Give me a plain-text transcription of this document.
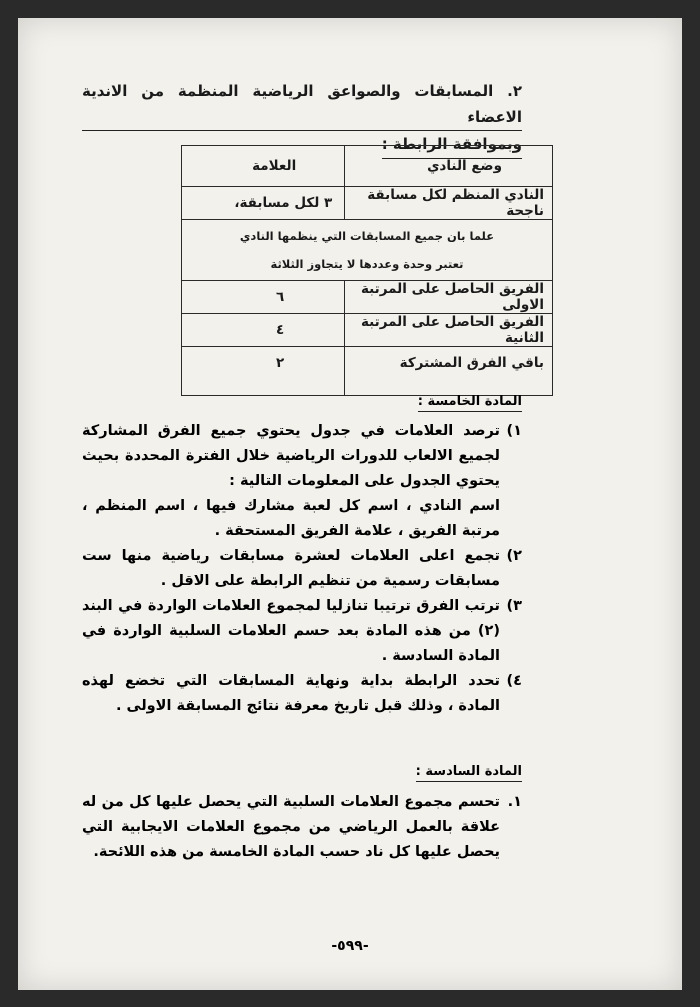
٢. المسابقات والصواعق الرياضية المنظمة من الاندية الاعضاء
وبموافقة الرابطة :
وضع النادي	العلامة
النادي المنظم لكل مسابقة ناجحة	٣ لكل مسابقة،

علما بان جميع المسابقات التي ينظمها النادي
تعتبر وحدة وعددها لا يتجاوز الثلاثة	

الفريق الحاصل على المرتبة الاولى	٦
الفريق الحاصل على المرتبة الثانية	٤
باقي الفرق المشتركة	٢
المادة الخامسة :
١)
ترصد العلامات في جدول يحتوي جميع الفرق المشاركة لجميع الالعاب للدورات الرياضية خلال الفترة المحددة بحيث يحتوي الجدول على المعلومات التالية :
اسم النادي ، اسم كل لعبة مشارك فيها ، اسم المنظم ، مرتبة الفريق ، علامة الفريق المستحقة .
٢)
تجمع اعلى العلامات لعشرة مسابقات رياضية منها ست مسابقات رسمية من تنظيم الرابطة على الاقل .
٣)
ترتب الفرق ترتيبا تنازليا لمجموع العلامات الواردة في البند (٢) من هذه المادة بعد حسم العلامات السلبية الواردة في المادة السادسة .
٤)
تحدد الرابطة بداية ونهاية المسابقات التي تخضع لهذه المادة ، وذلك قبل تاريخ معرفة نتائج المسابقة الاولى .
المادة السادسة :
١.
تحسم مجموع العلامات السلبية التي يحصل عليها كل من له علاقة بالعمل الرياضي من مجموع العلامات الايجابية التي يحصل عليها كل ناد حسب المادة الخامسة من هذه اللائحة.
-٥٩٩-
